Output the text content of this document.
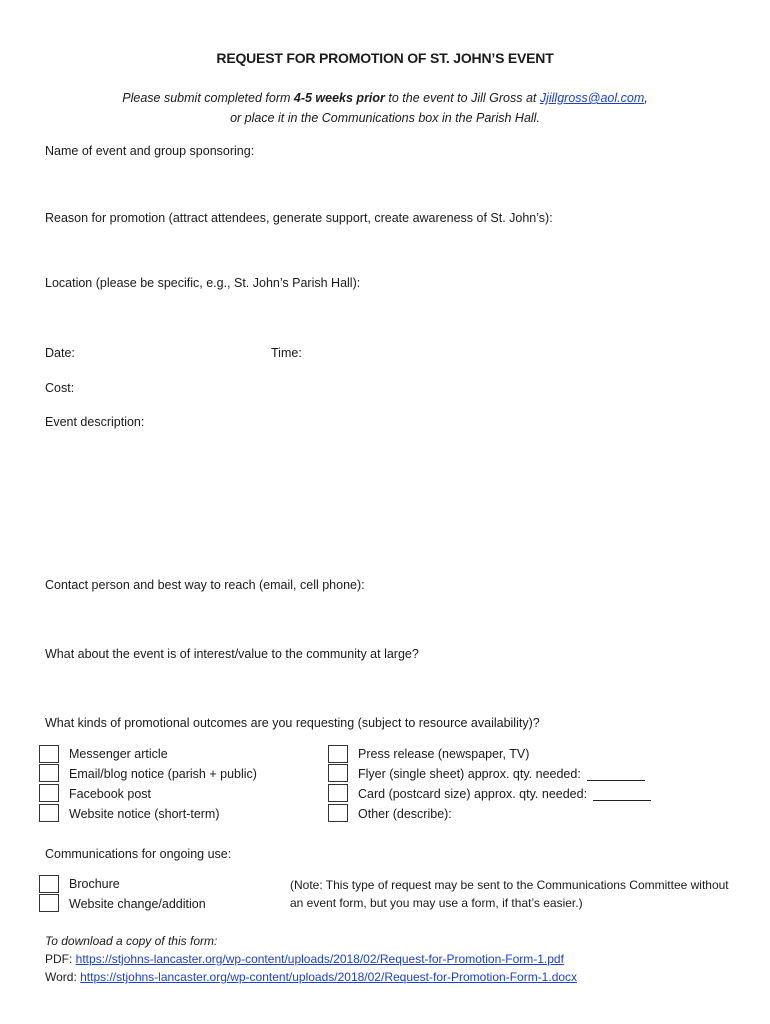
REQUEST FOR PROMOTION OF ST. JOHN’S EVENT
Please submit completed form 4-5 weeks prior to the event to Jill Gross at Jjillgross@aol.com,
or place it in the Communications box in the Parish Hall.
Name of event and group sponsoring:
Reason for promotion (attract attendees, generate support, create awareness of St. John’s):
Location (please be specific, e.g., St. John’s Parish Hall):
Date:	Time:
Cost:
Event description:
Contact person and best way to reach (email, cell phone):
What about the event is of interest/value to the community at large?
What kinds of promotional outcomes are you requesting (subject to resource availability)?
Messenger article
Email/blog notice (parish + public)
Facebook post
Website notice (short-term)
Press release (newspaper, TV)
Flyer (single sheet) approx. qty. needed:
Card (postcard size) approx. qty. needed:
Other (describe):
Communications for ongoing use:
Brochure
Website change/addition
(Note: This type of request may be sent to the Communications Committee without an event form, but you may use a form, if that’s easier.)
To download a copy of this form:
PDF: https://stjohns-lancaster.org/wp-content/uploads/2018/02/Request-for-Promotion-Form-1.pdf
Word: https://stjohns-lancaster.org/wp-content/uploads/2018/02/Request-for-Promotion-Form-1.docx
